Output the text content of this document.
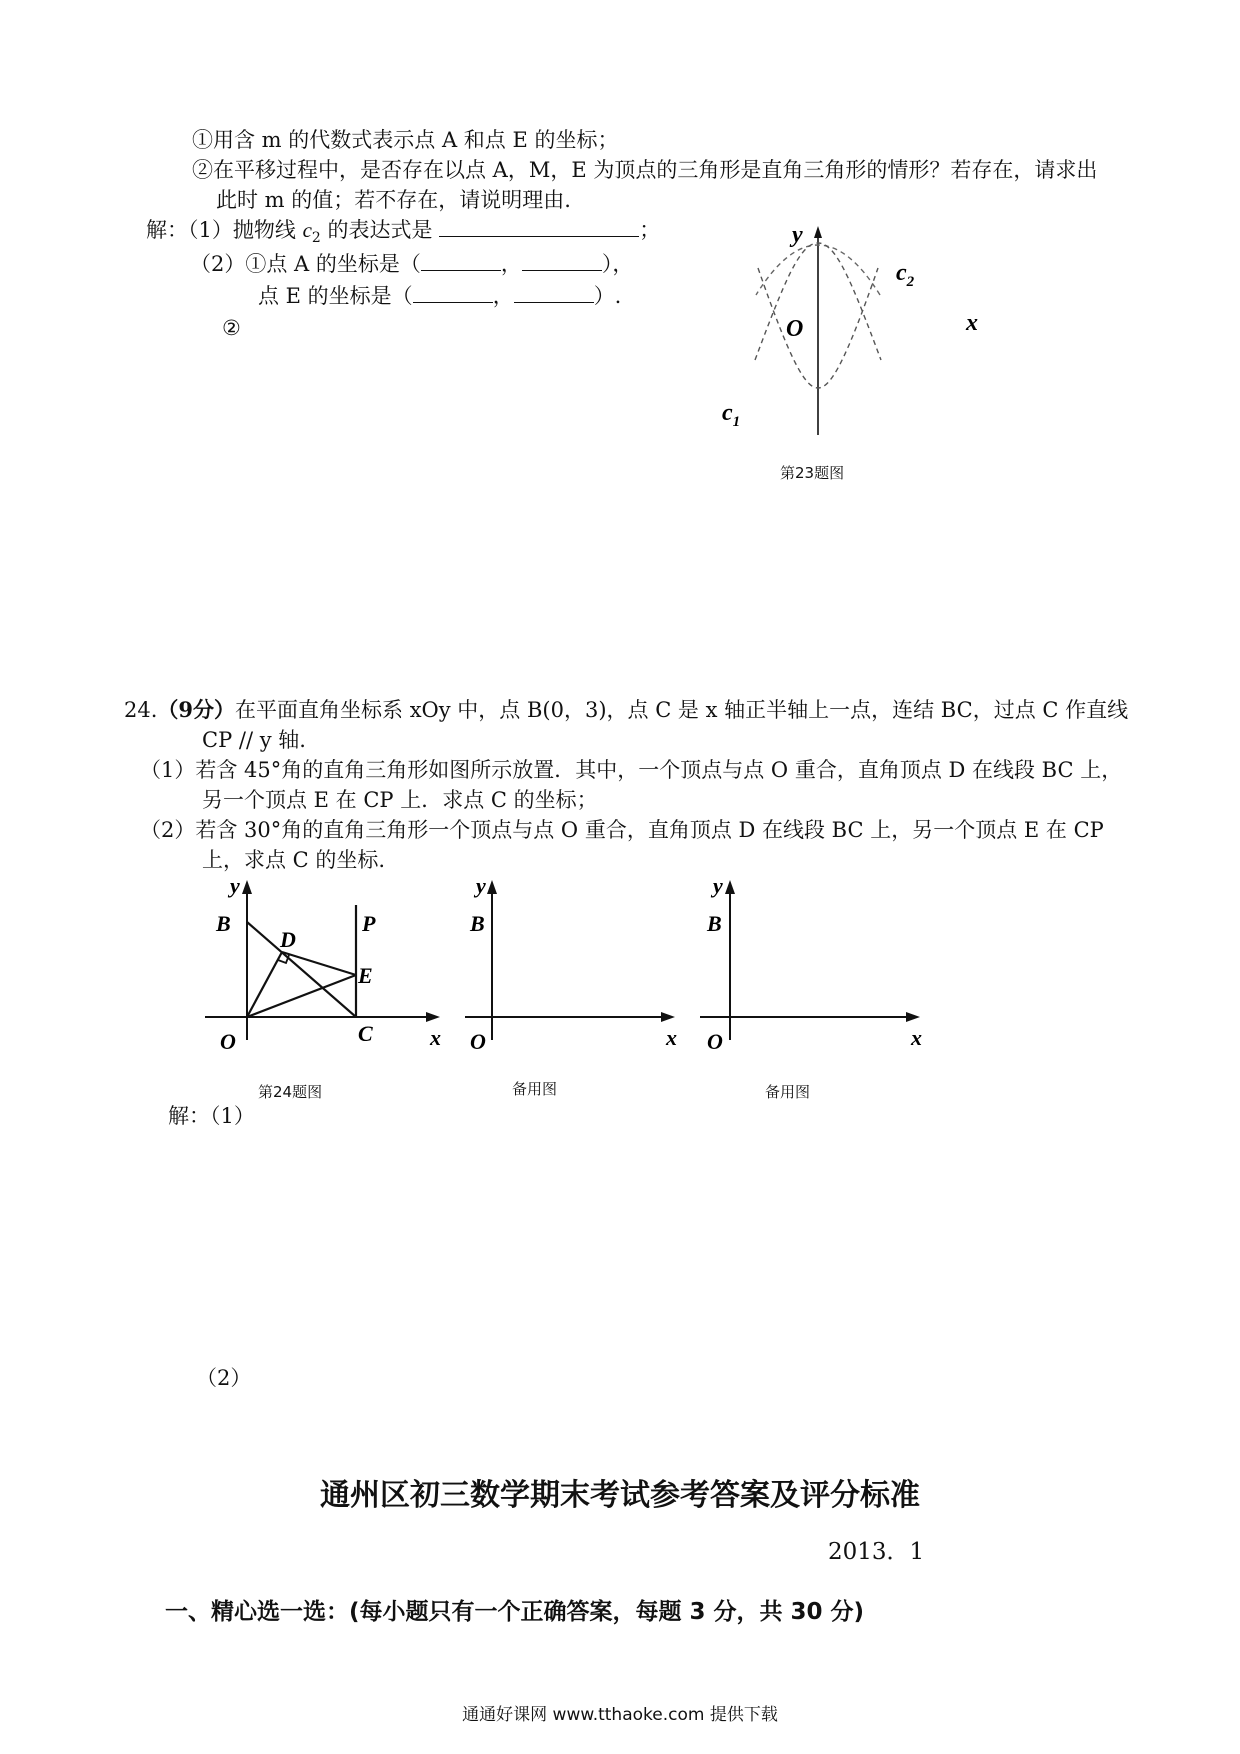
①用含 m 的代数式表示点 A 和点 E 的坐标；
②在平移过程中，是否存在以点 A，M，E 为顶点的三角形是直角三角形的情形？若存在，请求出
此时 m 的值；若不存在，请说明理由.
解：（1）抛物线 $c_2$ 的表达式是	；
（2）①点 A 的坐标是（	，	），
点 E 的坐标是（	，	）.
②
y
O	x
$c_2$
$c_1$
第23题图
24.（9分）在平面直角坐标系 xOy 中，点 B(0，3)，点 C 是 x 轴正半轴上一点，连结 BC，过点 C 作直线
CP // y 轴.
（1）若含 45°角的直角三角形如图所示放置．其中，一个顶点与点 O 重合，直角顶点 D 在线段 BC 上，
另一个顶点 E 在 CP 上．求点 C 的坐标；
（2）若含 30°角的直角三角形一个顶点与点 O 重合，直角顶点 D 在线段 BC 上，另一个顶点 E 在 CP
上，求点 C 的坐标.
y
B
D
P
E
C
O	x
第24题图
y
B
O	x
备用图
y
B
O	x
备用图
解：（1）
（2）
通州区初三数学期末考试参考答案及评分标准
2013．1
一、精心选一选：(每小题只有一个正确答案，每题 3 分，共 30 分)
通通好课网 www.tthaoke.com 提供下载
